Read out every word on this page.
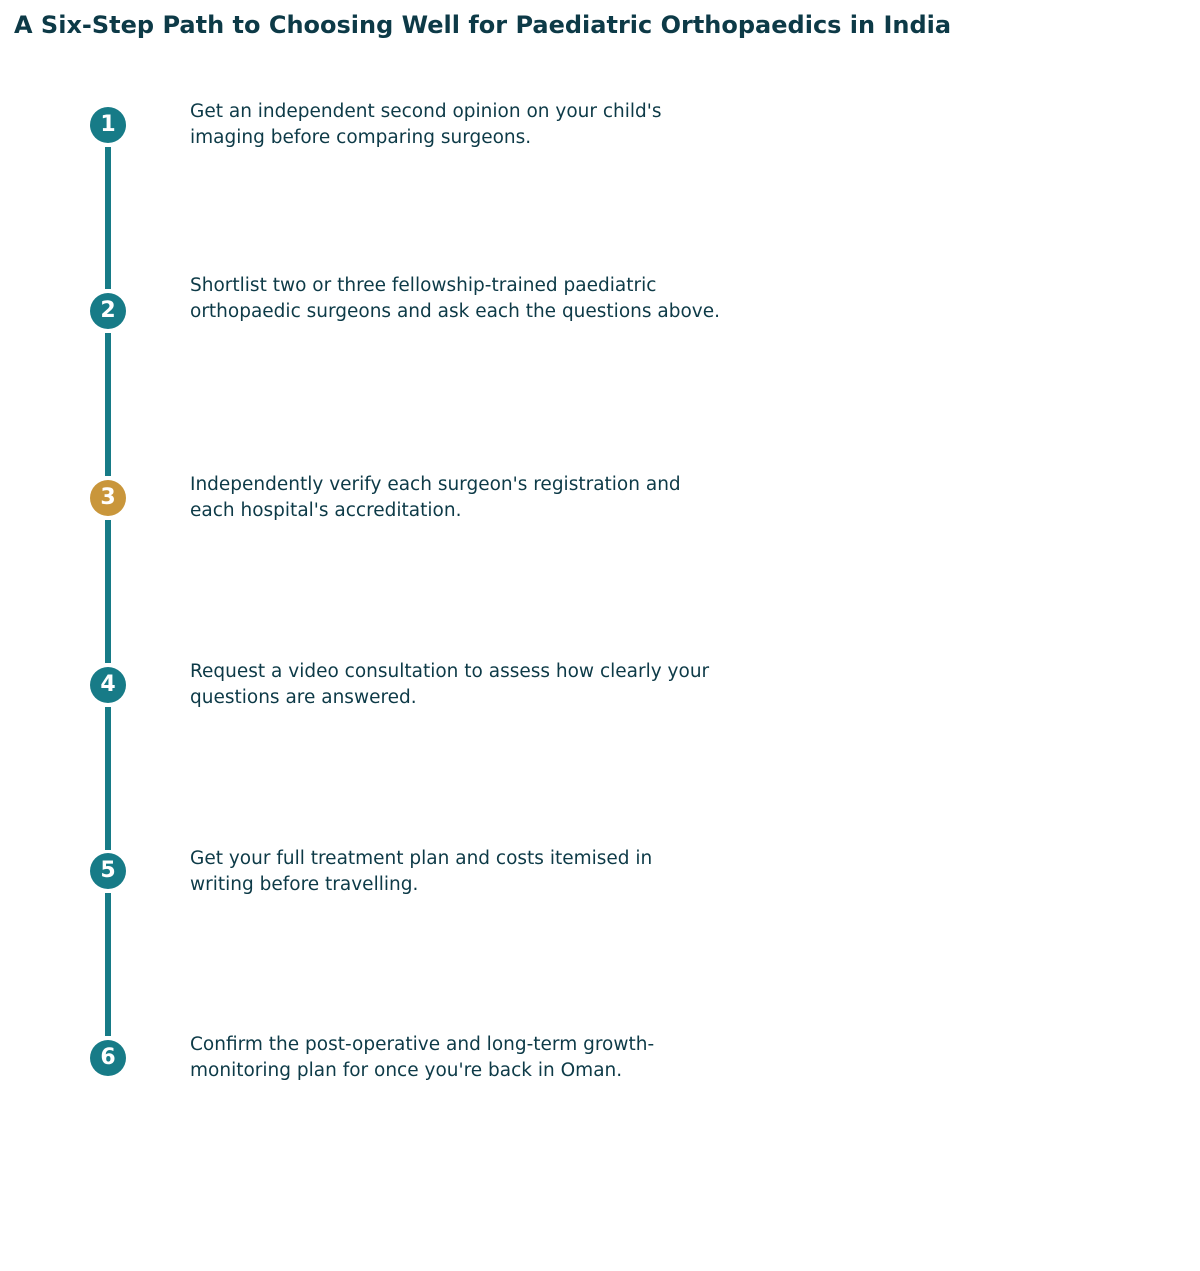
A Six-Step Path to Choosing Well for Paediatric Orthopaedics in India
1

Get an independent second opinion on your child's imaging before comparing surgeons.

2

Shortlist two or three fellowship-trained paediatric orthopaedic surgeons and ask each the questions above.

3

Independently verify each surgeon's registration and each hospital's accreditation.

4

Request a video consultation to assess how clearly your questions are answered.

5	Get your full treatment plan and costs itemised in writing before travelling.

6

Confirm the post-operative and long-term growth-monitoring plan for once you're back in Oman.
